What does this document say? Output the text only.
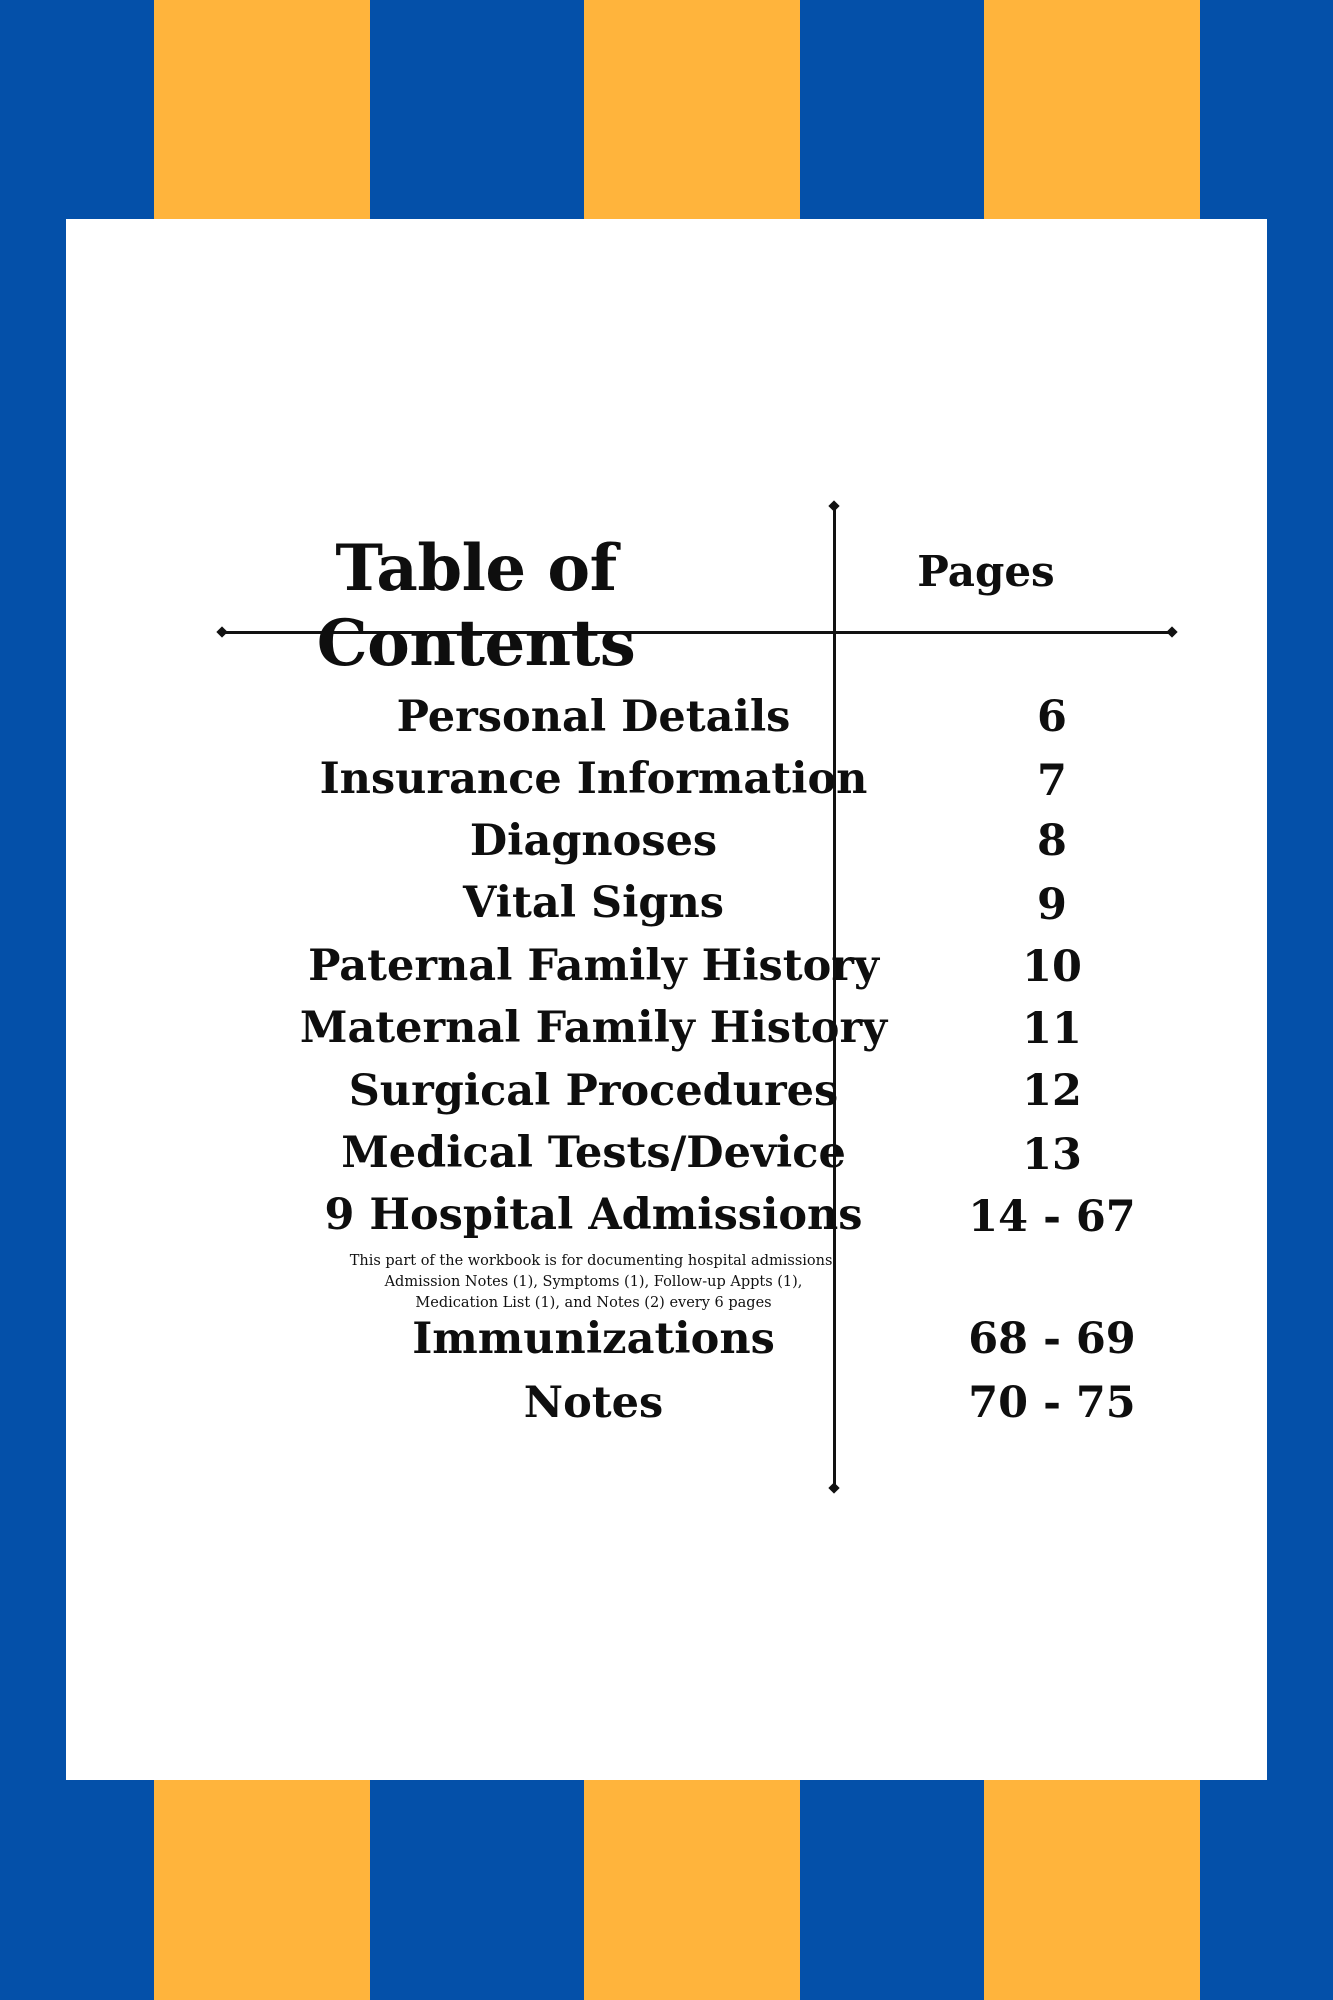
Table of Contents
Pages
Personal Details	6
Insurance Information	7
Diagnoses	8
Vital Signs	9
Paternal Family History	10
Maternal Family History	11
Surgical Procedures	12
Medical Tests/Device	13
9 Hospital Admissions	14 - 67
This part of the workbook is for documenting hospital admissions:
Admission Notes (1), Symptoms (1), Follow-up Appts (1),
Medication List (1), and Notes (2) every 6 pages
Immunizations	68 - 69
Notes	70 - 75
